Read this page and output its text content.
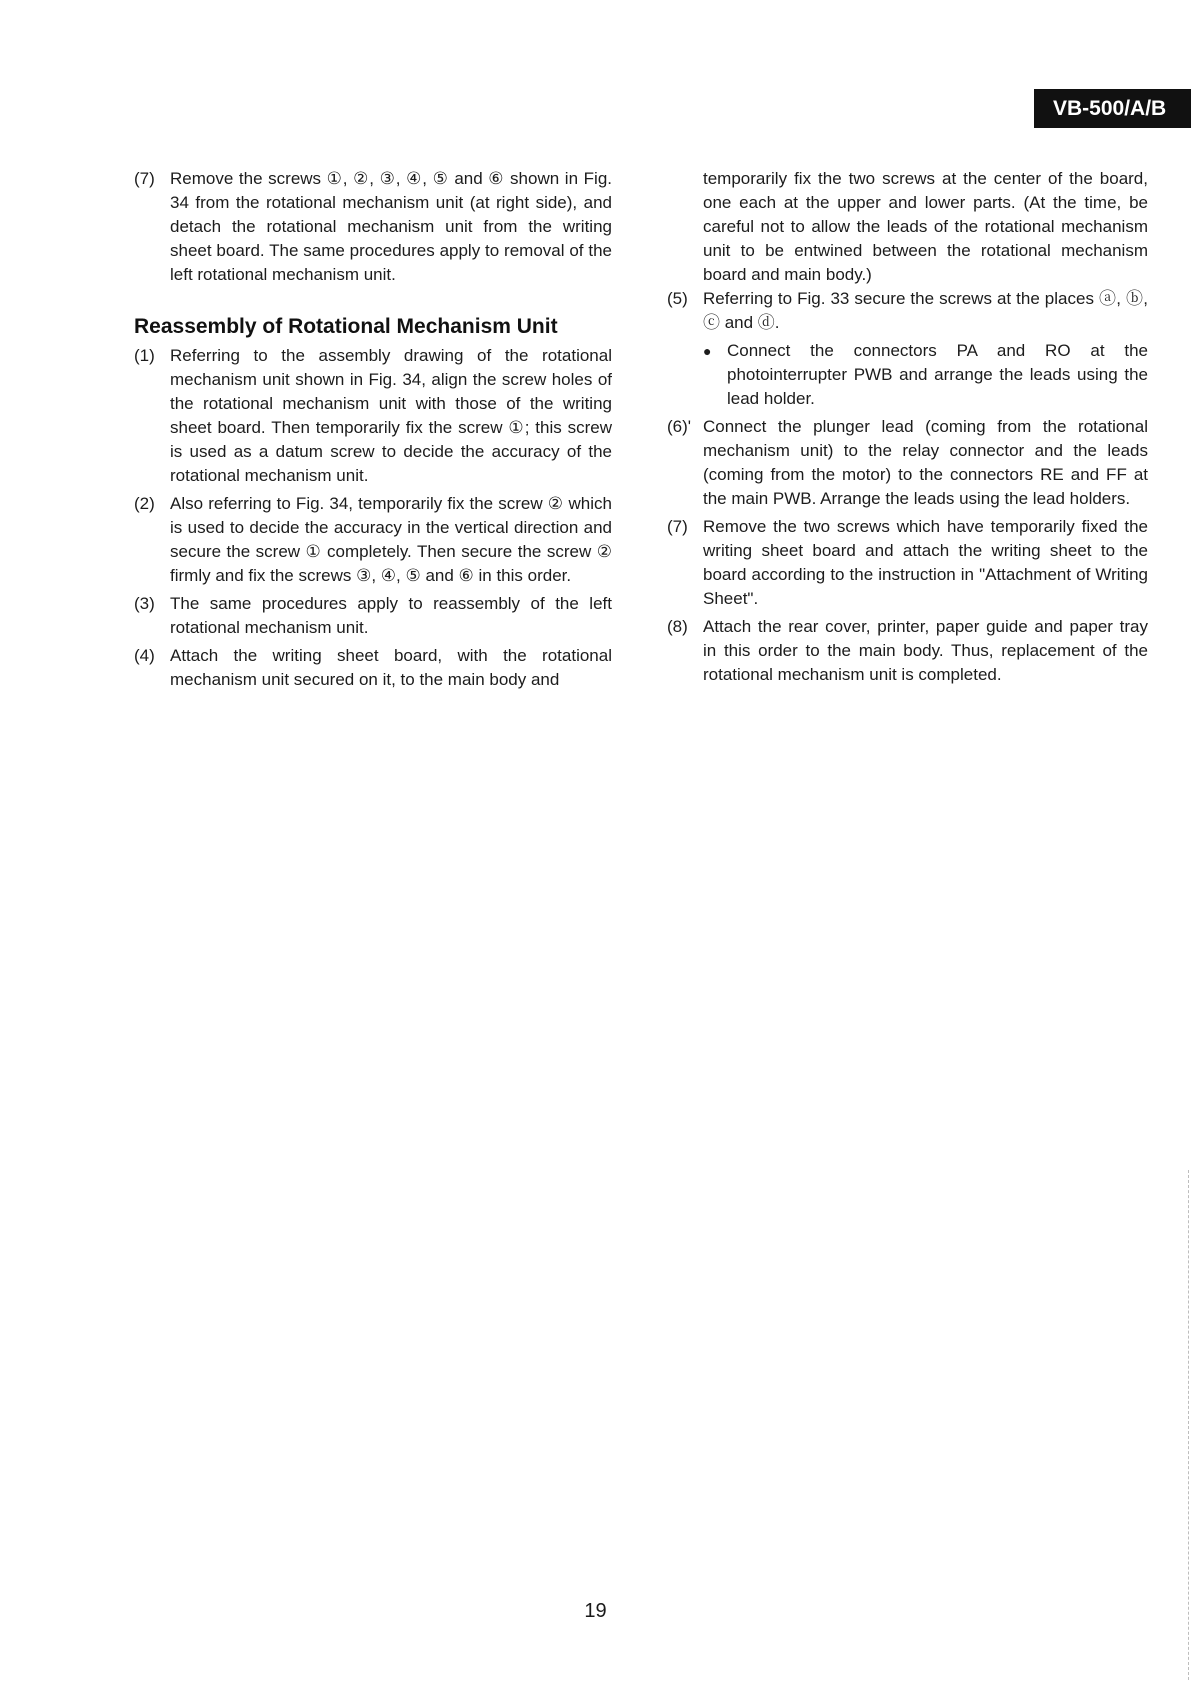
VB-500/A/B
(7) Remove the screws ①, ②, ③, ④, ⑤ and ⑥ shown in Fig. 34 from the rotational mechanism unit (at right side), and detach the rotational mechanism unit from the writing sheet board. The same procedures apply to removal of the left rotational mechanism unit.
Reassembly of Rotational Mechanism Unit
(1) Referring to the assembly drawing of the rotational mechanism unit shown in Fig. 34, align the screw holes of the rotational mechanism unit with those of the writing sheet board. Then temporarily fix the screw ①; this screw is used as a datum screw to decide the accuracy of the rotational mechanism unit.
(2) Also referring to Fig. 34, temporarily fix the screw ② which is used to decide the accuracy in the vertical direction and secure the screw ① completely. Then secure the screw ② firmly and fix the screws ③, ④, ⑤ and ⑥ in this order.
(3) The same procedures apply to reassembly of the left rotational mechanism unit.
(4) Attach the writing sheet board, with the rotational mechanism unit secured on it, to the main body and
temporarily fix the two screws at the center of the board, one each at the upper and lower parts. (At the time, be careful not to allow the leads of the rotational mechanism unit to be entwined between the rotational mechanism board and main body.)
(5) Referring to Fig. 33 secure the screws at the places ⓐ, ⓑ, ⓒ and ⓓ.
● Connect the connectors PA and RO at the photointerrupter PWB and arrange the leads using the lead holder.
(6)' Connect the plunger lead (coming from the rotational mechanism unit) to the relay connector and the leads (coming from the motor) to the connectors RE and FF at the main PWB. Arrange the leads using the lead holders.
(7) Remove the two screws which have temporarily fixed the writing sheet board and attach the writing sheet to the board according to the instruction in "Attachment of Writing Sheet".
(8) Attach the rear cover, printer, paper guide and paper tray in this order to the main body. Thus, replacement of the rotational mechanism unit is completed.
19
